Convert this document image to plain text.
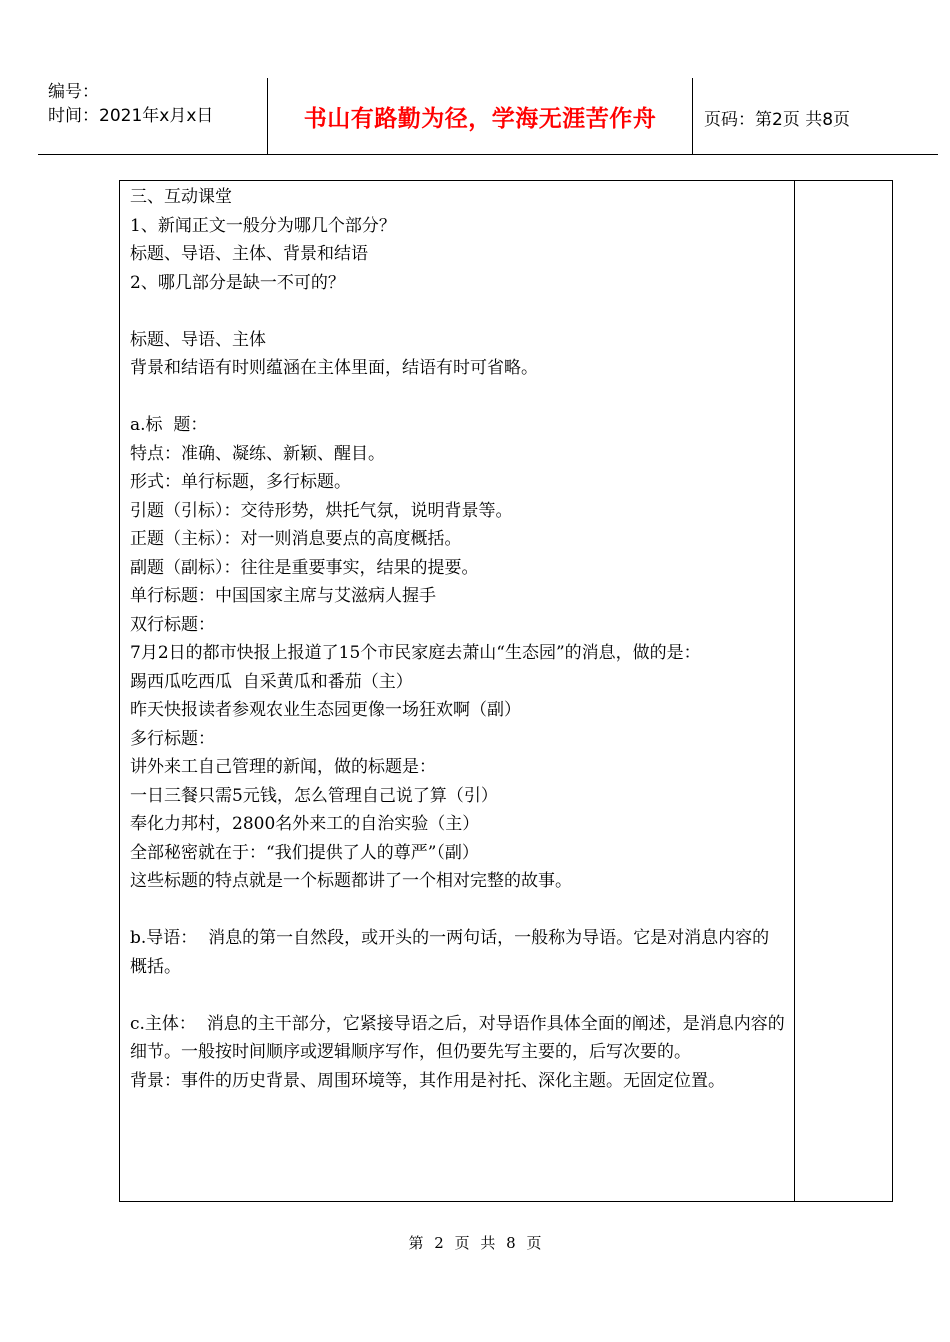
编号：
时间：2021年x月x日	书山有路勤为径，学海无涯苦作舟	页码：第2页 共8页
三、互动课堂
1、新闻正文一般分为哪几个部分？
标题、导语、主体、背景和结语
2、哪几部分是缺一不可的？
标题、导语、主体
背景和结语有时则蕴涵在主体里面，结语有时可省略。
a.标  题：
特点：准确、凝练、新颖、醒目。
形式：单行标题，多行标题。
引题（引标）：交待形势，烘托气氛，说明背景等。
正题（主标）：对一则消息要点的高度概括。
副题（副标）：往往是重要事实，结果的提要。
单行标题：中国国家主席与艾滋病人握手
双行标题：
7月2日的都市快报上报道了15个市民家庭去萧山“生态园”的消息，做的是：
踢西瓜吃西瓜  自采黄瓜和番茄（主）
昨天快报读者参观农业生态园更像一场狂欢啊（副）
多行标题：
讲外来工自己管理的新闻，做的标题是：
一日三餐只需5元钱，怎么管理自己说了算（引）
奉化力邦村，2800名外来工的自治实验（主）
全部秘密就在于：“我们提供了人的尊严”（副）
这些标题的特点就是一个标题都讲了一个相对完整的故事。
b.导语：  消息的第一自然段，或开头的一两句话，一般称为导语。它是对消息内容的概括。
c.主体：  消息的主干部分，它紧接导语之后，对导语作具体全面的阐述，是消息内容的细节。一般按时间顺序或逻辑顺序写作，但仍要先写主要的，后写次要的。
背景：事件的历史背景、周围环境等，其作用是衬托、深化主题。无固定位置。
第 2 页 共 8 页
